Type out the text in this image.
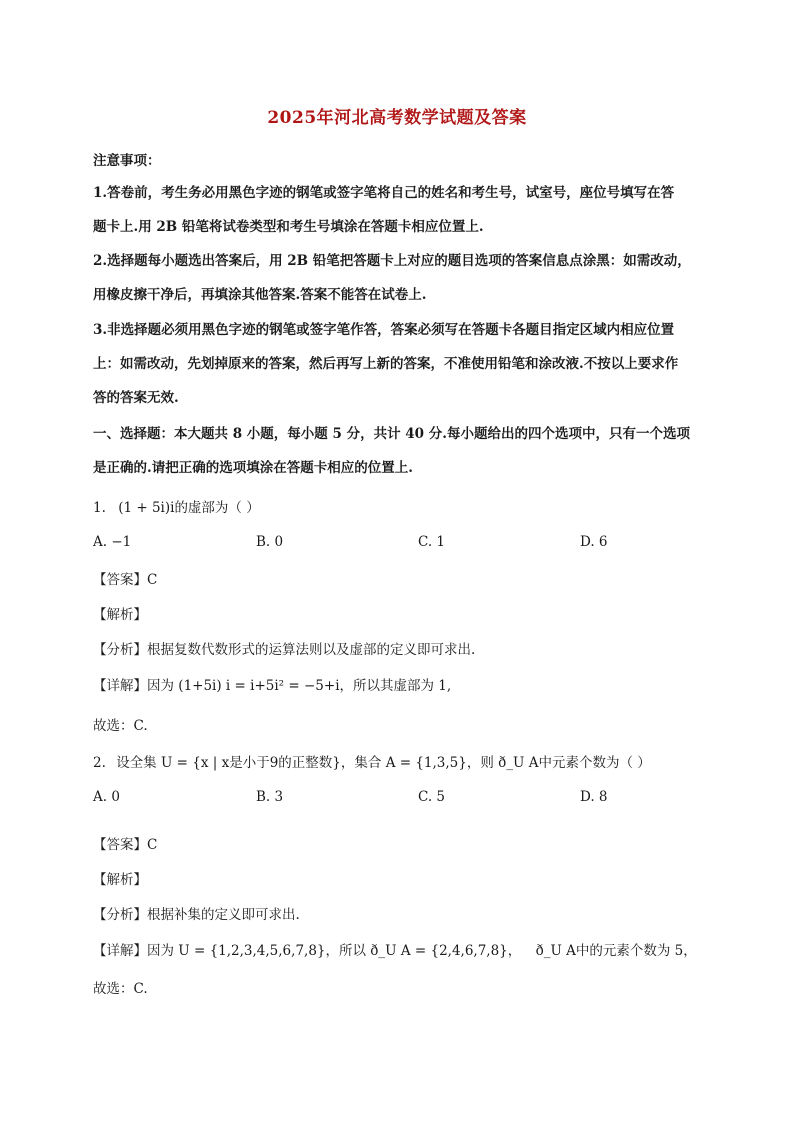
2025年河北高考数学试题及答案
注意事项：
1.答卷前，考生务必用黑色字迹的钢笔或签字笔将自己的姓名和考生号，试室号，座位号填写在答
题卡上.用 2B 铅笔将试卷类型和考生号填涂在答题卡相应位置上.
2.选择题每小题选出答案后，用 2B 铅笔把答题卡上对应的题目选项的答案信息点涂黑：如需改动，
用橡皮擦干净后，再填涂其他答案.答案不能答在试卷上.
3.非选择题必须用黑色字迹的钢笔或签字笔作答，答案必须写在答题卡各题目指定区域内相应位置
上：如需改动，先划掉原来的答案，然后再写上新的答案，不准使用铅笔和涂改液.不按以上要求作
答的答案无效.
一、选择题：本大题共 8 小题，每小题 5 分，共计 40 分.每小题给出的四个选项中，只有一个选项
是正确的.请把正确的选项填涂在答题卡相应的位置上.
1. (1 + 5i)i的虚部为（ ）
A. −1	B. 0	C. 1	D. 6
【答案】C
【解析】
【分析】根据复数代数形式的运算法则以及虚部的定义即可求出.
【详解】因为 (1+5i) i = i+5i² = −5+i，所以其虚部为 1,
故选：C.
2. 设全集 U = {x | x是小于9的正整数}，集合 A = {1,3,5}，则 ð_U A中元素个数为（ ）
A. 0	B. 3	C. 5	D. 8
【答案】C
【解析】
【分析】根据补集的定义即可求出.
【详解】因为 U = {1,2,3,4,5,6,7,8}，所以 ð_U A = {2,4,6,7,8}， ð_U A中的元素个数为 5，
故选：C.
